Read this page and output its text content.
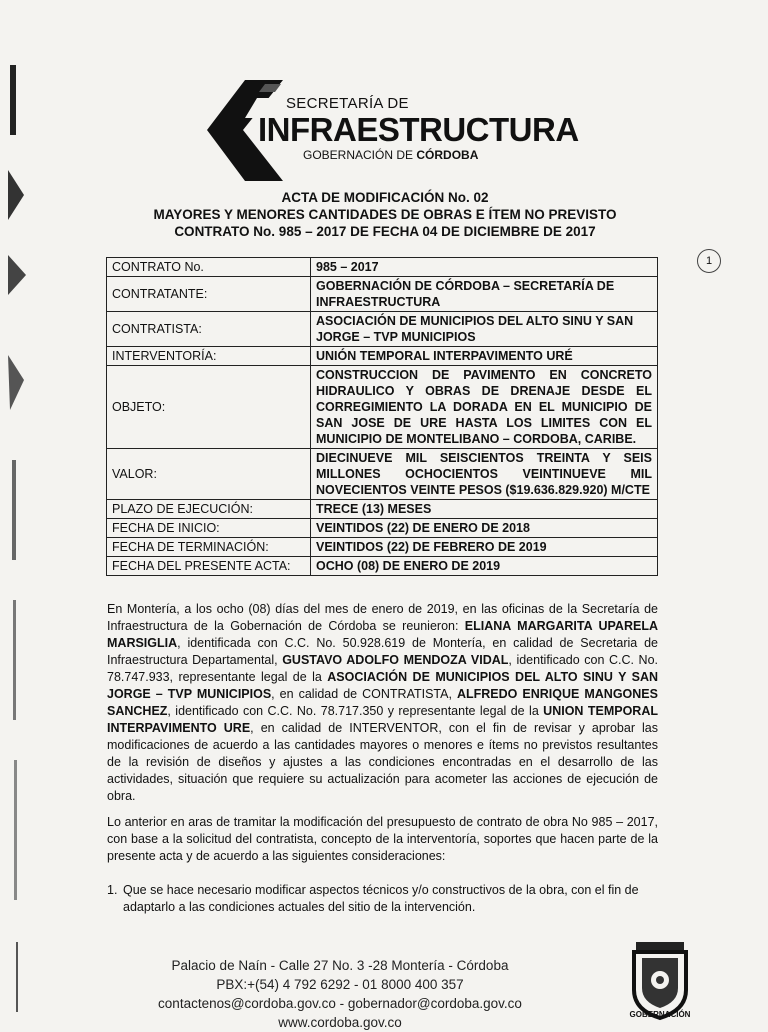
SECRETARÍA DE
INFRAESTRUCTURA
GOBERNACIÓN DE CÓRDOBA
ACTA DE MODIFICACIÓN No. 02
MAYORES Y MENORES CANTIDADES DE OBRAS E ÍTEM NO PREVISTO
CONTRATO No. 985 – 2017 DE FECHA 04 DE DICIEMBRE DE 2017
1
CONTRATO No.	985 – 2017
CONTRATANTE:	GOBERNACIÓN DE CÓRDOBA – SECRETARÍA DE INFRAESTRUCTURA
CONTRATISTA:	ASOCIACIÓN DE MUNICIPIOS DEL ALTO SINU Y SAN JORGE – TVP MUNICIPIOS
INTERVENTORÍA:	UNIÓN TEMPORAL INTERPAVIMENTO URÉ
OBJETO:	CONSTRUCCION DE PAVIMENTO EN CONCRETO HIDRAULICO Y OBRAS DE DRENAJE DESDE EL CORREGIMIENTO LA DORADA EN EL MUNICIPIO DE SAN JOSE DE URE HASTA LOS LIMITES CON EL MUNICIPIO DE MONTELIBANO – CORDOBA, CARIBE.
VALOR:	DIECINUEVE MIL SEISCIENTOS TREINTA Y SEIS MILLONES OCHOCIENTOS VEINTINUEVE MIL NOVECIENTOS VEINTE PESOS ($19.636.829.920) M/CTE
PLAZO DE EJECUCIÓN:	TRECE (13) MESES
FECHA DE INICIO:	VEINTIDOS (22) DE ENERO DE 2018
FECHA DE TERMINACIÓN:	VEINTIDOS (22) DE FEBRERO DE 2019
FECHA DEL PRESENTE ACTA:	OCHO (08) DE ENERO DE 2019
En Montería, a los ocho (08) días del mes de enero de 2019, en las oficinas de la Secretaría de Infraestructura de la Gobernación de Córdoba se reunieron: ELIANA MARGARITA UPARELA MARSIGLIA, identificada con C.C. No. 50.928.619 de Montería, en calidad de Secretaria de Infraestructura Departamental, GUSTAVO ADOLFO MENDOZA VIDAL, identificado con C.C. No. 78.747.933, representante legal de la ASOCIACIÓN DE MUNICIPIOS DEL ALTO SINU Y SAN JORGE – TVP MUNICIPIOS, en calidad de CONTRATISTA, ALFREDO ENRIQUE MANGONES SANCHEZ, identificado con C.C. No. 78.717.350 y representante legal de la UNION TEMPORAL INTERPAVIMENTO URE, en calidad de INTERVENTOR, con el fin de revisar y aprobar las modificaciones de acuerdo a las cantidades mayores o menores e ítems no previstos resultantes de la revisión de diseños y ajustes a las condiciones encontradas en el desarrollo de las actividades, situación que requiere su actualización para acometer las acciones de ejecución de obra.
Lo anterior en aras de tramitar la modificación del presupuesto de contrato de obra No 985 – 2017, con base a la solicitud del contratista, concepto de la interventoría, soportes que hacen parte de la presente acta y de acuerdo a las siguientes consideraciones:
1. Que se hace necesario modificar aspectos técnicos y/o constructivos de la obra, con el fin de
adaptarlo a las condiciones actuales del sitio de la intervención.
Palacio de Naín - Calle 27 No. 3 -28 Montería - Córdoba
PBX:+(54) 4 792 6292 - 01 8000 400 357
contactenos@cordoba.gov.co - gobernador@cordoba.gov.co
www.cordoba.gov.co
GOBERNACIÓN
